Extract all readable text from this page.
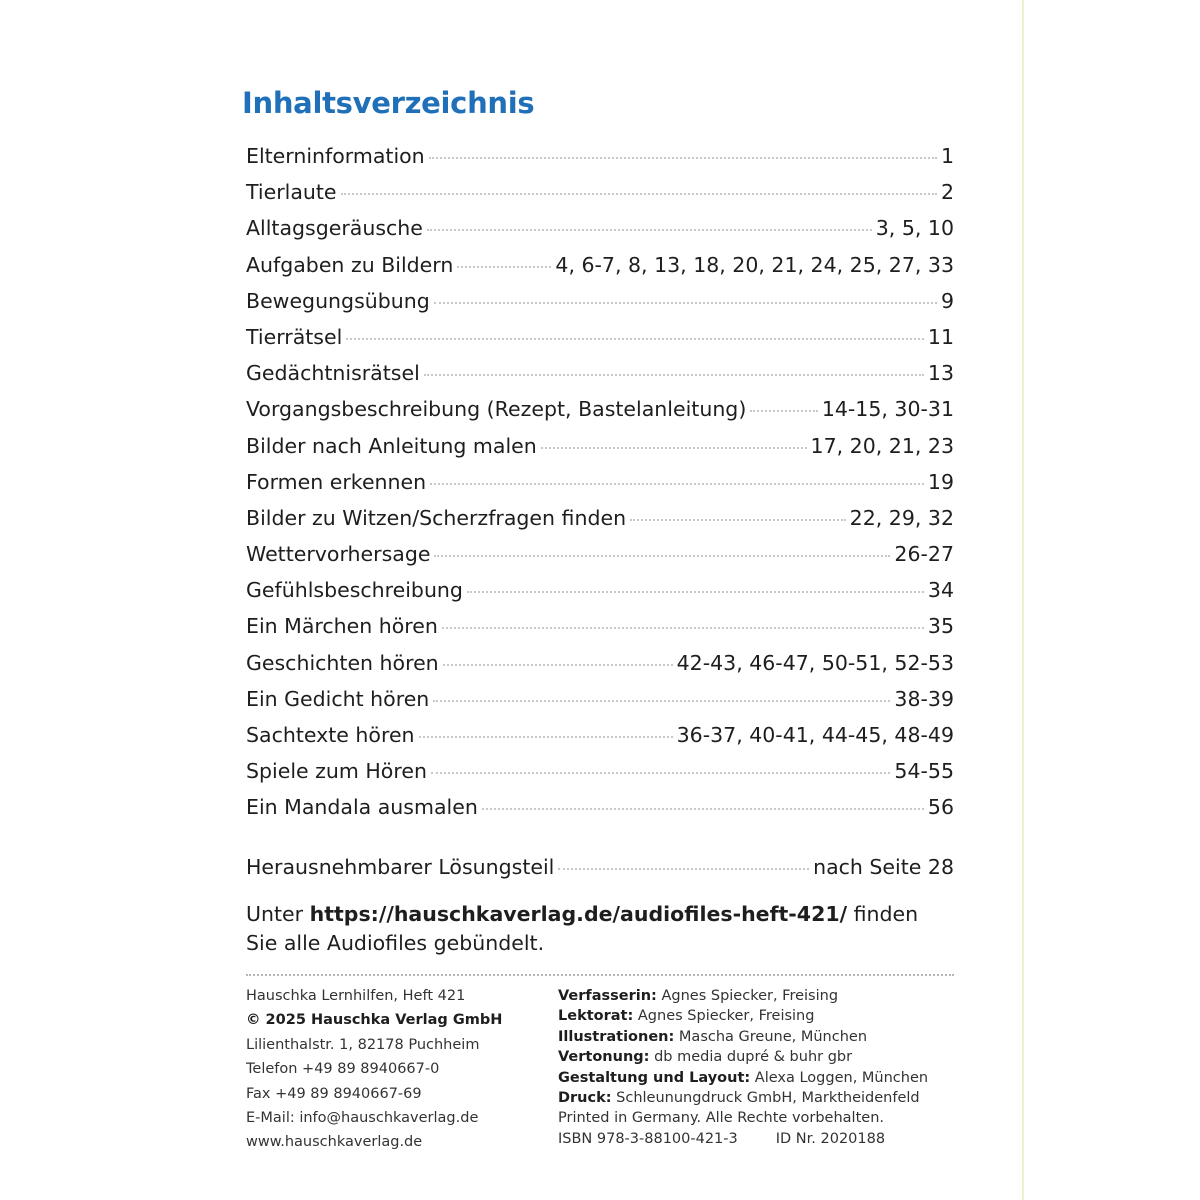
Inhaltsverzeichnis
Elterninformation	1
Tierlaute	2
Alltagsgeräusche	3, 5, 10
Aufgaben zu Bildern	4, 6-7, 8, 13, 18, 20, 21, 24, 25, 27, 33
Bewegungsübung	9
Tierrätsel	11
Gedächtnisrätsel	13
Vorgangsbeschreibung (Rezept, Bastelanleitung)	14-15, 30-31
Bilder nach Anleitung malen	17, 20, 21, 23
Formen erkennen	19
Bilder zu Witzen/Scherzfragen finden	22, 29, 32
Wettervorhersage	26-27
Gefühlsbeschreibung	34
Ein Märchen hören	35
Geschichten hören	42-43, 46-47, 50-51, 52-53
Ein Gedicht hören	38-39
Sachtexte hören	36-37, 40-41, 44-45, 48-49
Spiele zum Hören	54-55
Ein Mandala ausmalen	56
Herausnehmbarer Lösungsteil	nach Seite 28
Unter https://hauschkaverlag.de/audiofiles-heft-421/ finden
Sie alle Audiofiles gebündelt.
Hauschka Lernhilfen, Heft 421
© 2025 Hauschka Verlag GmbH
Lilienthalstr. 1, 82178 Puchheim
Telefon +49 89 8940667-0
Fax +49 89 8940667-69
E-Mail: info@hauschkaverlag.de
www.hauschkaverlag.de
Verfasserin: Agnes Spiecker, Freising
Lektorat: Agnes Spiecker, Freising
Illustrationen: Mascha Greune, München
Vertonung: db media dupré & buhr gbr
Gestaltung und Layout: Alexa Loggen, München
Druck: Schleunungdruck GmbH, Marktheidenfeld
Printed in Germany. Alle Rechte vorbehalten.
ISBN 978-3-88100-421-3	ID Nr. 2020188
